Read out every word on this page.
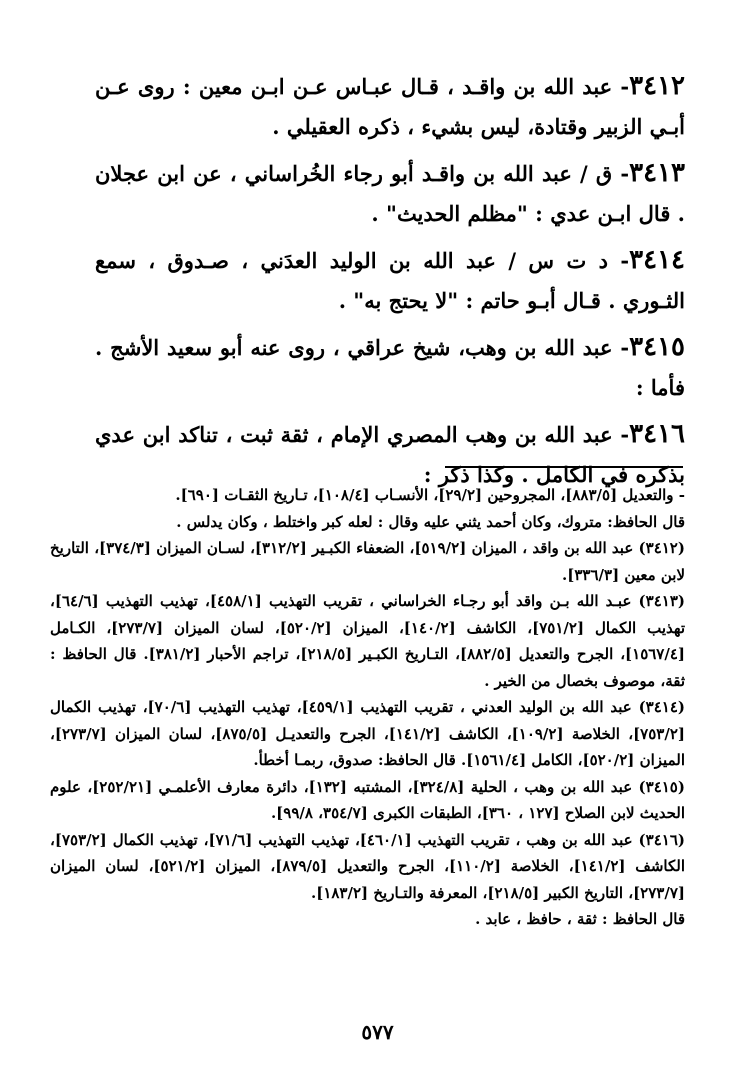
٣٤١٢- عبد الله بن واقـد ، قـال عبـاس عـن ابـن معين : روى عـن أبـي الزبير وقتادة، ليس بشيء ، ذكره العقيلي .
٣٤١٣- ق / عبد الله بن واقـد أبو رجاء الخُراساني ، عن ابن عجلان . قال ابـن عدي : "مظلم الحديث" .
٣٤١٤- د ت س / عبد الله بن الوليد العدَني ، صـدوق ، سمع الثـوري . قـال أبـو حاتم : "لا يحتج به" .
٣٤١٥- عبد الله بن وهب، شيخ عراقي ، روى عنه أبو سعيد الأشج . فأما :
٣٤١٦- عبد الله بن وهب المصري الإمام ، ثقة ثبت ، تناكد ابن عدي بذكره في الكامل . وكذا ذكر :

- والتعديل [٨٨٣/٥]، المجروحين [٢٩/٢]، الأنسـاب [١٠٨/٤]، تـاريخ الثقـات [٦٩٠].

قال الحافظ: متروك، وكان أحمد يثني عليه وقال : لعله كبر واختلط ، وكان يدلس .

(٣٤١٢) عبد الله بن واقد ، الميزان [٥١٩/٢]، الضعفاء الكبـير [٣١٢/٢]، لسـان الميزان [٣٧٤/٣]، التاريخ لابن معين [٣٣٦/٣].

(٣٤١٣) عبـد الله بـن واقد أبو رجـاء الخراساني ، تقريب التهذيب [٤٥٨/١]، تهذيب التهذيب [٦٤/٦]، تهذيب الكمال [٧٥١/٢]، الكاشف [١٤٠/٢]، الميزان [٥٢٠/٢]، لسان الميزان [٢٧٣/٧]، الكـامل [١٥٦٧/٤]، الجرح والتعديل [٨٨٢/٥]، التـاريخ الكبـير [٢١٨/٥]، تراجم الأحبار [٣٨١/٢]. قال الحافظ : ثقة، موصوف بخصال من الخير .

(٣٤١٤) عبد الله بن الوليد العدني ، تقريب التهذيب [٤٥٩/١]، تهذيب التهذيب [٧٠/٦]، تهذيب الكمال [٧٥٣/٢]، الخلاصة [١٠٩/٢]، الكاشف [١٤١/٢]، الجرح والتعديـل [٨٧٥/٥]، لسان الميزان [٢٧٣/٧]، الميزان [٥٢٠/٢]، الكامل [١٥٦١/٤]. قال الحافظ: صدوق، ربمـا أخطأ.

(٣٤١٥) عبد الله بن وهب ، الحلية [٣٢٤/٨]، المشتبه [١٣٢]، دائرة معارف الأعلمـي [٢٥٢/٢١]، علوم الحديث لابن الصلاح [١٢٧ ، ٣٦٠]، الطبقات الكبرى [٣٥٤/٧، ٩٩/٨].

(٣٤١٦) عبد الله بن وهب ، تقريب التهذيب [٤٦٠/١]، تهذيب التهذيب [٧١/٦]، تهذيب الكمال [٧٥٣/٢]، الكاشف [١٤١/٢]، الخلاصة [١١٠/٢]، الجرح والتعديل [٨٧٩/٥]، الميزان [٥٢١/٢]، لسان الميزان [٢٧٣/٧]، التاريخ الكبير [٢١٨/٥]، المعرفة والتـاريخ [١٨٣/٢].

قال الحافظ : ثقة ، حافظ ، عابد .

٥٧٧
